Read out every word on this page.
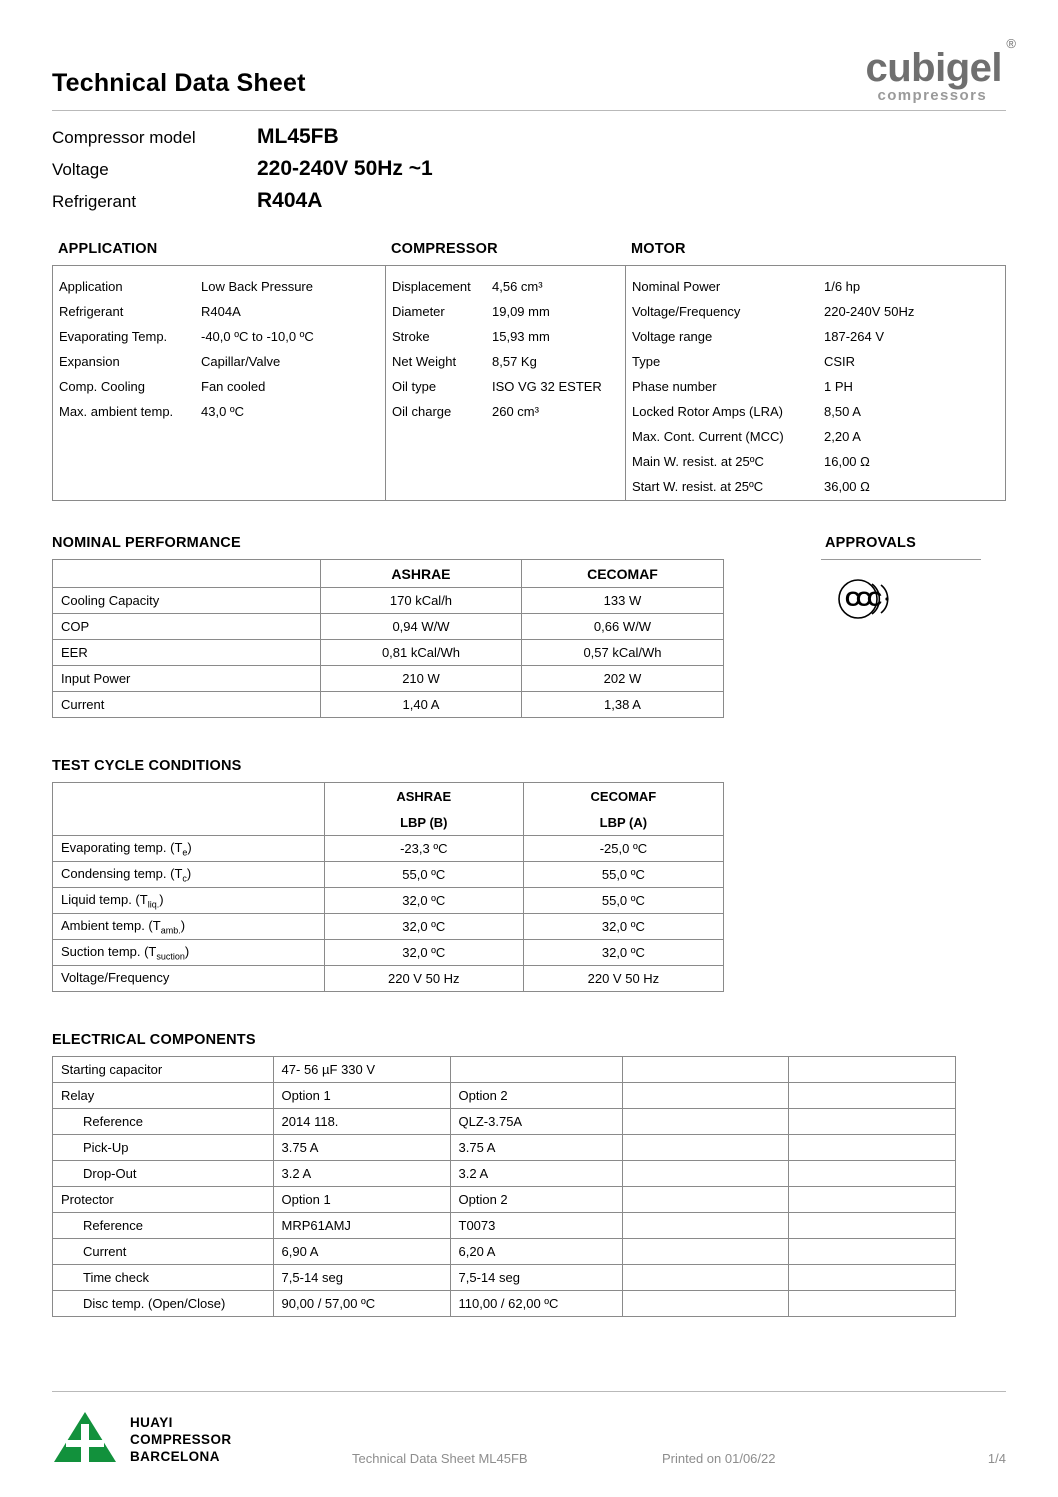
Technical Data Sheet
®
cubigel
compressors
Compressor model	ML45FB
Voltage	220-240V 50Hz ~1
Refrigerant	R404A
APPLICATION	COMPRESSOR	MOTOR
Application	Low Back Pressure
Refrigerant	R404A
Evaporating Temp.	-40,0 ºC to -10,0 ºC
Expansion	Capillar/Valve
Comp. Cooling	Fan cooled
Max. ambient temp.	43,0 ºC
Displacement	4,56 cm³
Diameter	19,09 mm
Stroke	15,93 mm
Net Weight	8,57 Kg
Oil type	ISO VG 32 ESTER
Oil charge	260 cm³
Nominal Power	1/6 hp
Voltage/Frequency	220-240V 50Hz
Voltage range	187-264 V
Type	CSIR
Phase number	1 PH
Locked Rotor Amps (LRA)	8,50 A
Max. Cont. Current (MCC)	2,20 A
Main W. resist. at 25ºC	16,00 Ω
Start W. resist. at 25ºC	36,00 Ω
NOMINAL PERFORMANCE
	ASHRAE	CECOMAF
Cooling Capacity	170 kCal/h	133 W
COP	0,94 W/W	0,66 W/W
EER	0,81 kCal/Wh	0,57 kCal/Wh
Input Power	210 W	202 W
Current	1,40 A	1,38 A
APPROVALS
C
C
C
TEST CYCLE CONDITIONS
	ASHRAE	CECOMAF
	LBP (B)	LBP (A)
Evaporating temp. $(T_e)$	-23,3 ºC	-25,0 ºC
Condensing temp. $(T_c)$	55,0 ºC	55,0 ºC
Liquid temp. $(T_{liq.})$	32,0 ºC	55,0 ºC
Ambient temp. $(T_{amb.})$	32,0 ºC	32,0 ºC
Suction temp. $(T_{suction})$	32,0 ºC	32,0 ºC
Voltage/Frequency	220 V 50 Hz	220 V 50 Hz
ELECTRICAL COMPONENTS
Starting capacitor	47- 56 µF 330 V			
Relay	Option 1	Option 2		
Reference	2014 118.	QLZ-3.75A		
Pick-Up	3.75 A	3.75 A		
Drop-Out	3.2 A	3.2 A		
Protector	Option 1	Option 2		
Reference	MRP61AMJ	T0073		
Current	6,90 A	6,20 A		
Time check	7,5-14 seg	7,5-14 seg		
Disc temp. (Open/Close)	90,00 / 57,00 ºC	110,00 / 62,00 ºC		
HUAYI
COMPRESSOR
BARCELONA	Technical Data Sheet ML45FB	Printed on 01/06/22	1/4
